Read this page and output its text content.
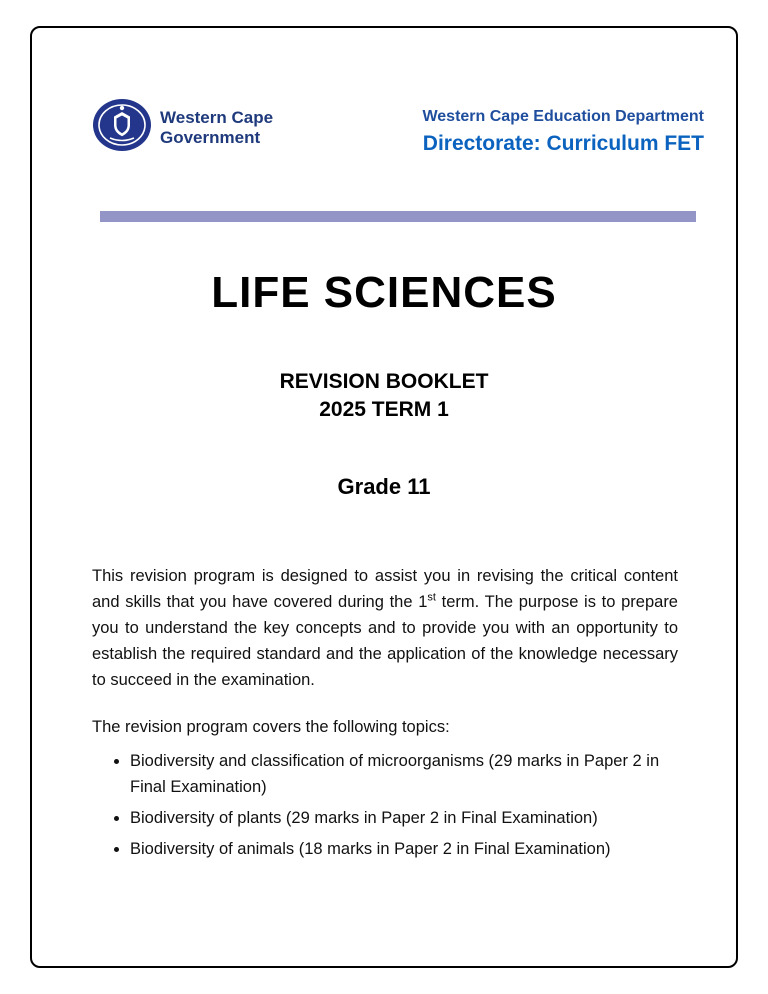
Western Cape
Government
Western Cape Education Department
Directorate: Curriculum FET
LIFE SCIENCES
REVISION BOOKLET
2025 TERM 1
Grade 11

This revision program is designed to assist you in revising the critical content and skills that you have covered during the 1st term. The purpose is to prepare you to understand the key concepts and to provide you with an opportunity to establish the required standard and the application of the knowledge necessary to succeed in the examination.

The revision program covers the following topics:
• Biodiversity and classification of microorganisms (29 marks in Paper 2 in Final Examination)
• Biodiversity of plants (29 marks in Paper 2 in Final Examination)
• Biodiversity of animals (18 marks in Paper 2 in Final Examination)
